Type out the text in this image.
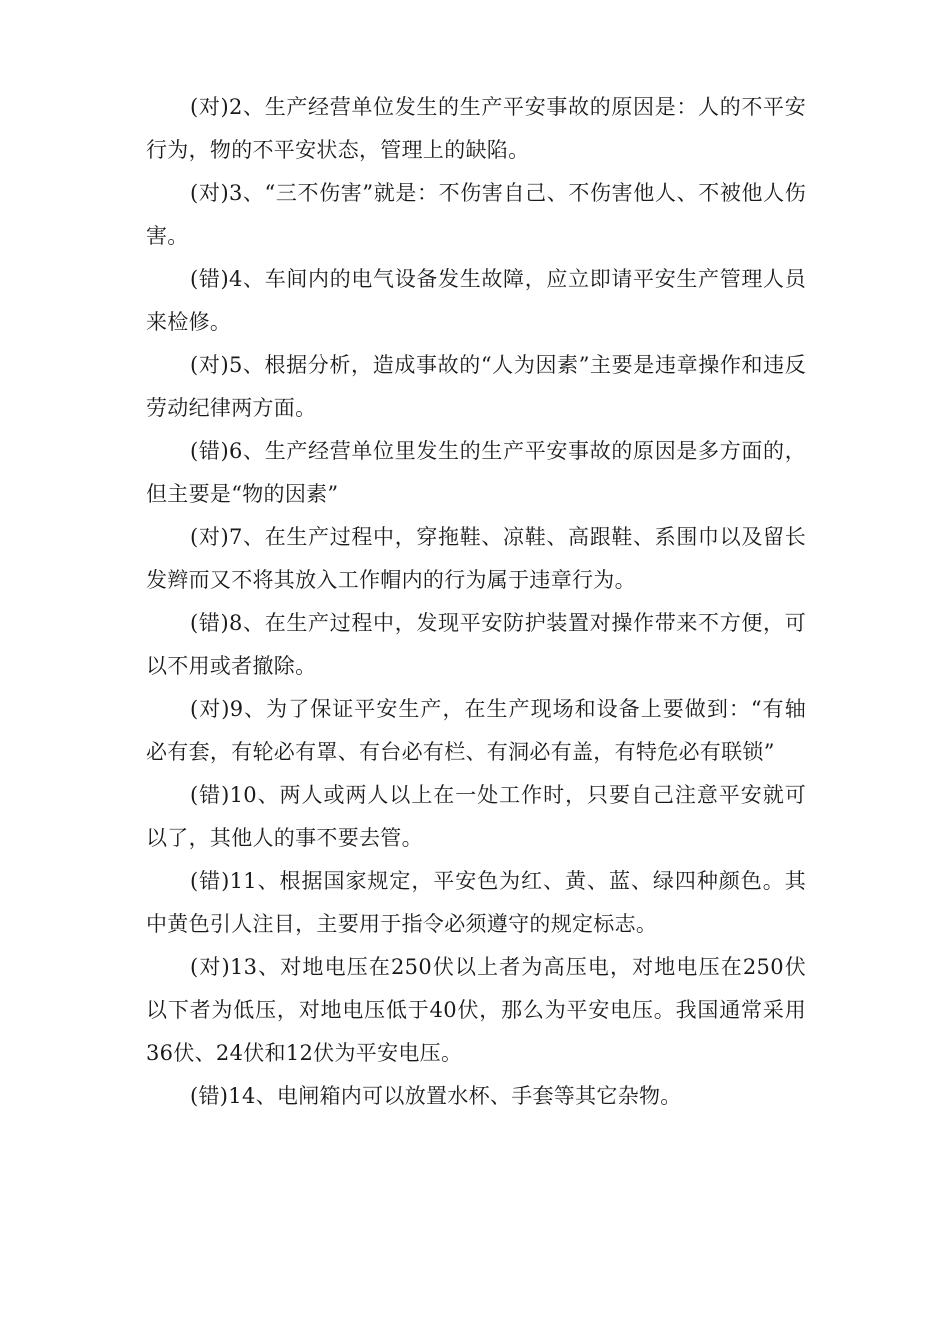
(对)2、生产经营单位发生的生产平安事故的原因是：人的不平安行为，物的不平安状态，管理上的缺陷。

(对)3、“三不伤害”就是：不伤害自己、不伤害他人、不被他人伤害。

(错)4、车间内的电气设备发生故障，应立即请平安生产管理人员来检修。

(对)5、根据分析，造成事故的“人为因素”主要是违章操作和违反劳动纪律两方面。

(错)6、生产经营单位里发生的生产平安事故的原因是多方面的，但主要是“物的因素”

(对)7、在生产过程中，穿拖鞋、凉鞋、高跟鞋、系围巾以及留长发辫而又不将其放入工作帽内的行为属于违章行为。

(错)8、在生产过程中，发现平安防护装置对操作带来不方便，可以不用或者撤除。

(对)9、为了保证平安生产，在生产现场和设备上要做到：“有轴必有套，有轮必有罩、有台必有栏、有洞必有盖，有特危必有联锁”

(错)10、两人或两人以上在一处工作时，只要自己注意平安就可以了，其他人的事不要去管。

(错)11、根据国家规定，平安色为红、黄、蓝、绿四种颜色。其中黄色引人注目，主要用于指令必须遵守的规定标志。

(对)13、对地电压在250伏以上者为高压电，对地电压在250伏以下者为低压，对地电压低于40伏，那么为平安电压。我国通常采用36伏、24伏和12伏为平安电压。

(错)14、电闸箱内可以放置水杯、手套等其它杂物。
